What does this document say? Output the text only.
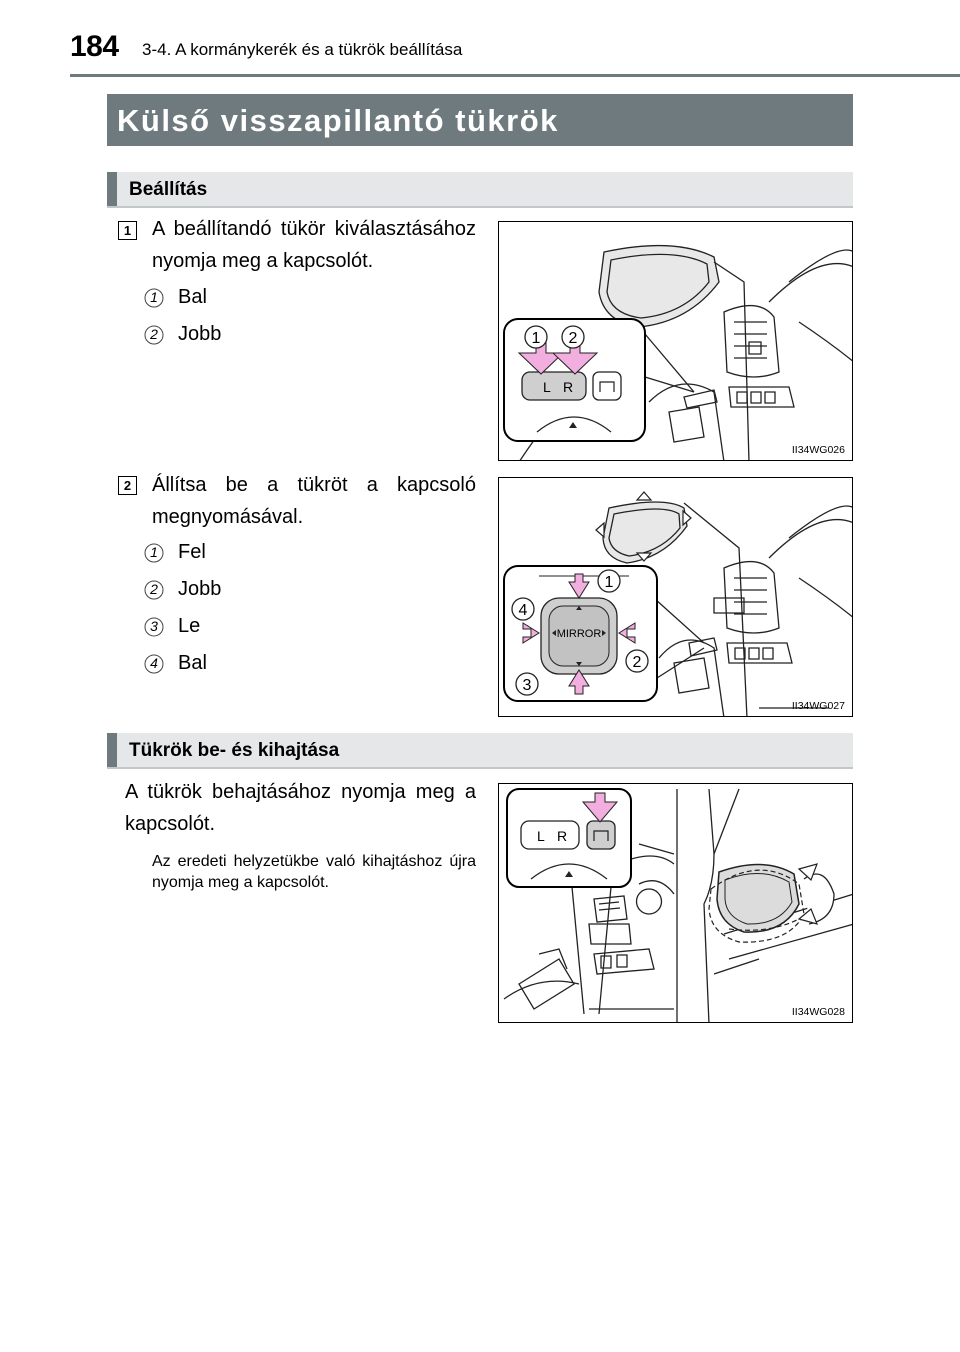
184 3-4. A kormánykerék és a tükrök beállítása
Külső visszapillantó tükrök
Beállítás
1 A beállítandó tükör kiválasztásához nyomja meg a kapcsolót.
1	Bal
2	Jobb
L R
1 2
II34WG026
2 Állítsa be a tükröt a kapcsoló megnyomásával.
1	Fel
2	Jobb
3	Le
4	Bal
MIRROR
1
2
3
4
II34WG027
Tükrök be- és kihajtása
A tükrök behajtásához nyomja meg a kapcsolót.
Az eredeti helyzetükbe való kihajtáshoz újra nyomja meg a kapcsolót.
L R
II34WG028
